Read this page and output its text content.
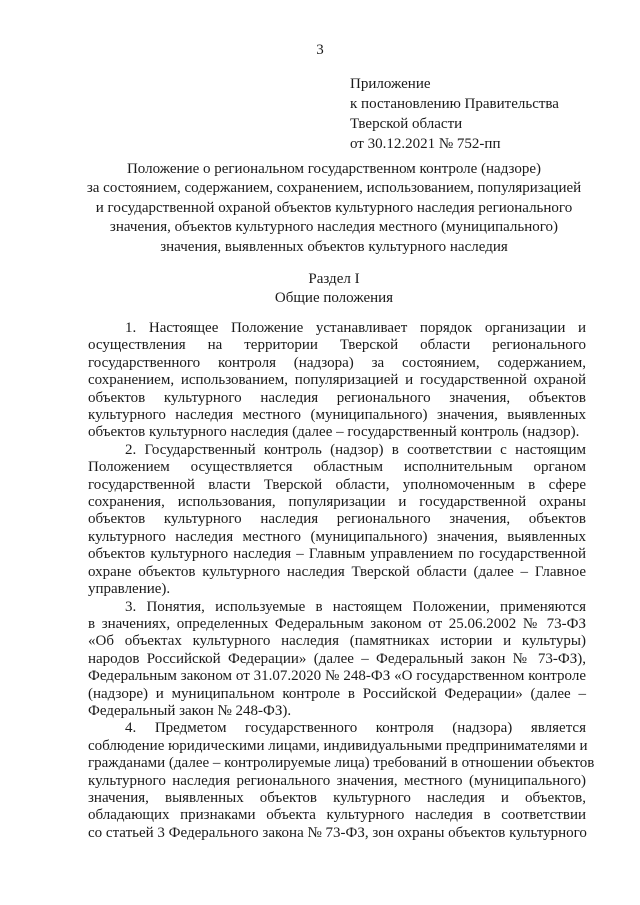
3
Приложение
к постановлению Правительства
Тверской области
от 30.12.2021 № 752-пп
Положение о региональном государственном контроле (надзоре)
за состоянием, содержанием, сохранением, использованием, популяризацией
и государственной охраной объектов культурного наследия регионального
значения, объектов культурного наследия местного (муниципального)
значения, выявленных объектов культурного наследия
Раздел I
Общие положения
1. Настоящее Положение устанавливает порядок организации и
осуществления на территории Тверской области регионального
государственного контроля (надзора) за состоянием, содержанием,
сохранением, использованием, популяризацией и государственной охраной
объектов культурного наследия регионального значения, объектов
культурного наследия местного (муниципального) значения, выявленных
объектов культурного наследия (далее – государственный контроль (надзор).
2. Государственный контроль (надзор) в соответствии с настоящим
Положением осуществляется областным исполнительным органом
государственной власти Тверской области, уполномоченным в сфере
сохранения, использования, популяризации и государственной охраны
объектов культурного наследия регионального значения, объектов
культурного наследия местного (муниципального) значения, выявленных
объектов культурного наследия – Главным управлением по государственной
охране объектов культурного наследия Тверской области (далее – Главное
управление).
3. Понятия, используемые в настоящем Положении, применяются
в значениях, определенных Федеральным законом от 25.06.2002 № 73-ФЗ
«Об объектах культурного наследия (памятниках истории и культуры)
народов Российской Федерации» (далее – Федеральный закон № 73-ФЗ),
Федеральным законом от 31.07.2020 № 248-ФЗ «О государственном контроле
(надзоре) и муниципальном контроле в Российской Федерации» (далее –
Федеральный закон № 248-ФЗ).
4. Предметом государственного контроля (надзора) является
соблюдение юридическими лицами, индивидуальными предпринимателями и
гражданами (далее – контролируемые лица) требований в отношении объектов
культурного наследия регионального значения, местного (муниципального)
значения, выявленных объектов культурного наследия и объектов,
обладающих признаками объекта культурного наследия в соответствии
со статьей 3 Федерального закона № 73-ФЗ, зон охраны объектов культурного
